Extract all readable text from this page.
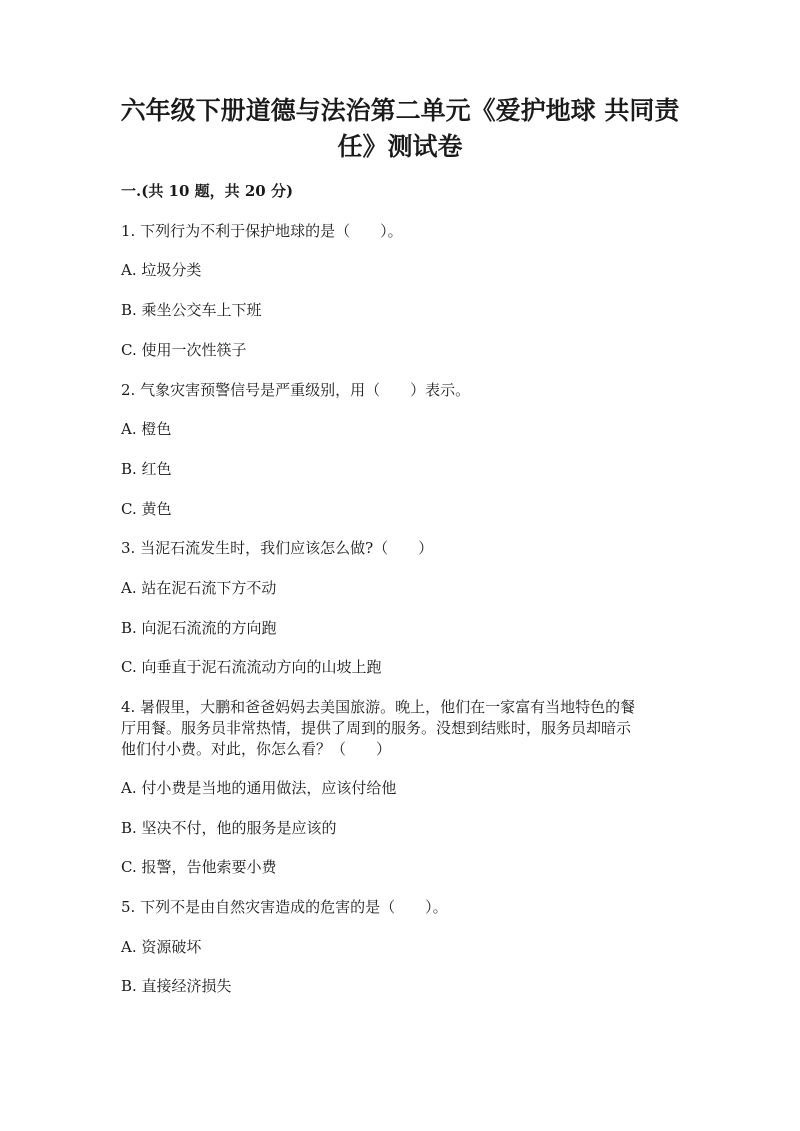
六年级下册道德与法治第二单元《爱护地球 共同责
任》测试卷

一.(共 10 题，共 20 分)

1. 下列行为不利于保护地球的是（　　）。

A. 垃圾分类

B. 乘坐公交车上下班

C. 使用一次性筷子

2. 气象灾害预警信号是严重级别，用（　　）表示。

A. 橙色

B. 红色

C. 黄色

3. 当泥石流发生时，我们应该怎么做?（　　）

A. 站在泥石流下方不动

B. 向泥石流流的方向跑

C. 向垂直于泥石流流动方向的山坡上跑

4. 暑假里，大鹏和爸爸妈妈去美国旅游。晚上，他们在一家富有当地特色的餐

厅用餐。服务员非常热情，提供了周到的服务。没想到结账时，服务员却暗示

他们付小费。对此，你怎么看？（　　）

A. 付小费是当地的通用做法，应该付给他

B. 坚决不付，他的服务是应该的

C. 报警，告他索要小费

5. 下列不是由自然灾害造成的危害的是（　　）。

A. 资源破坏

B. 直接经济损失
